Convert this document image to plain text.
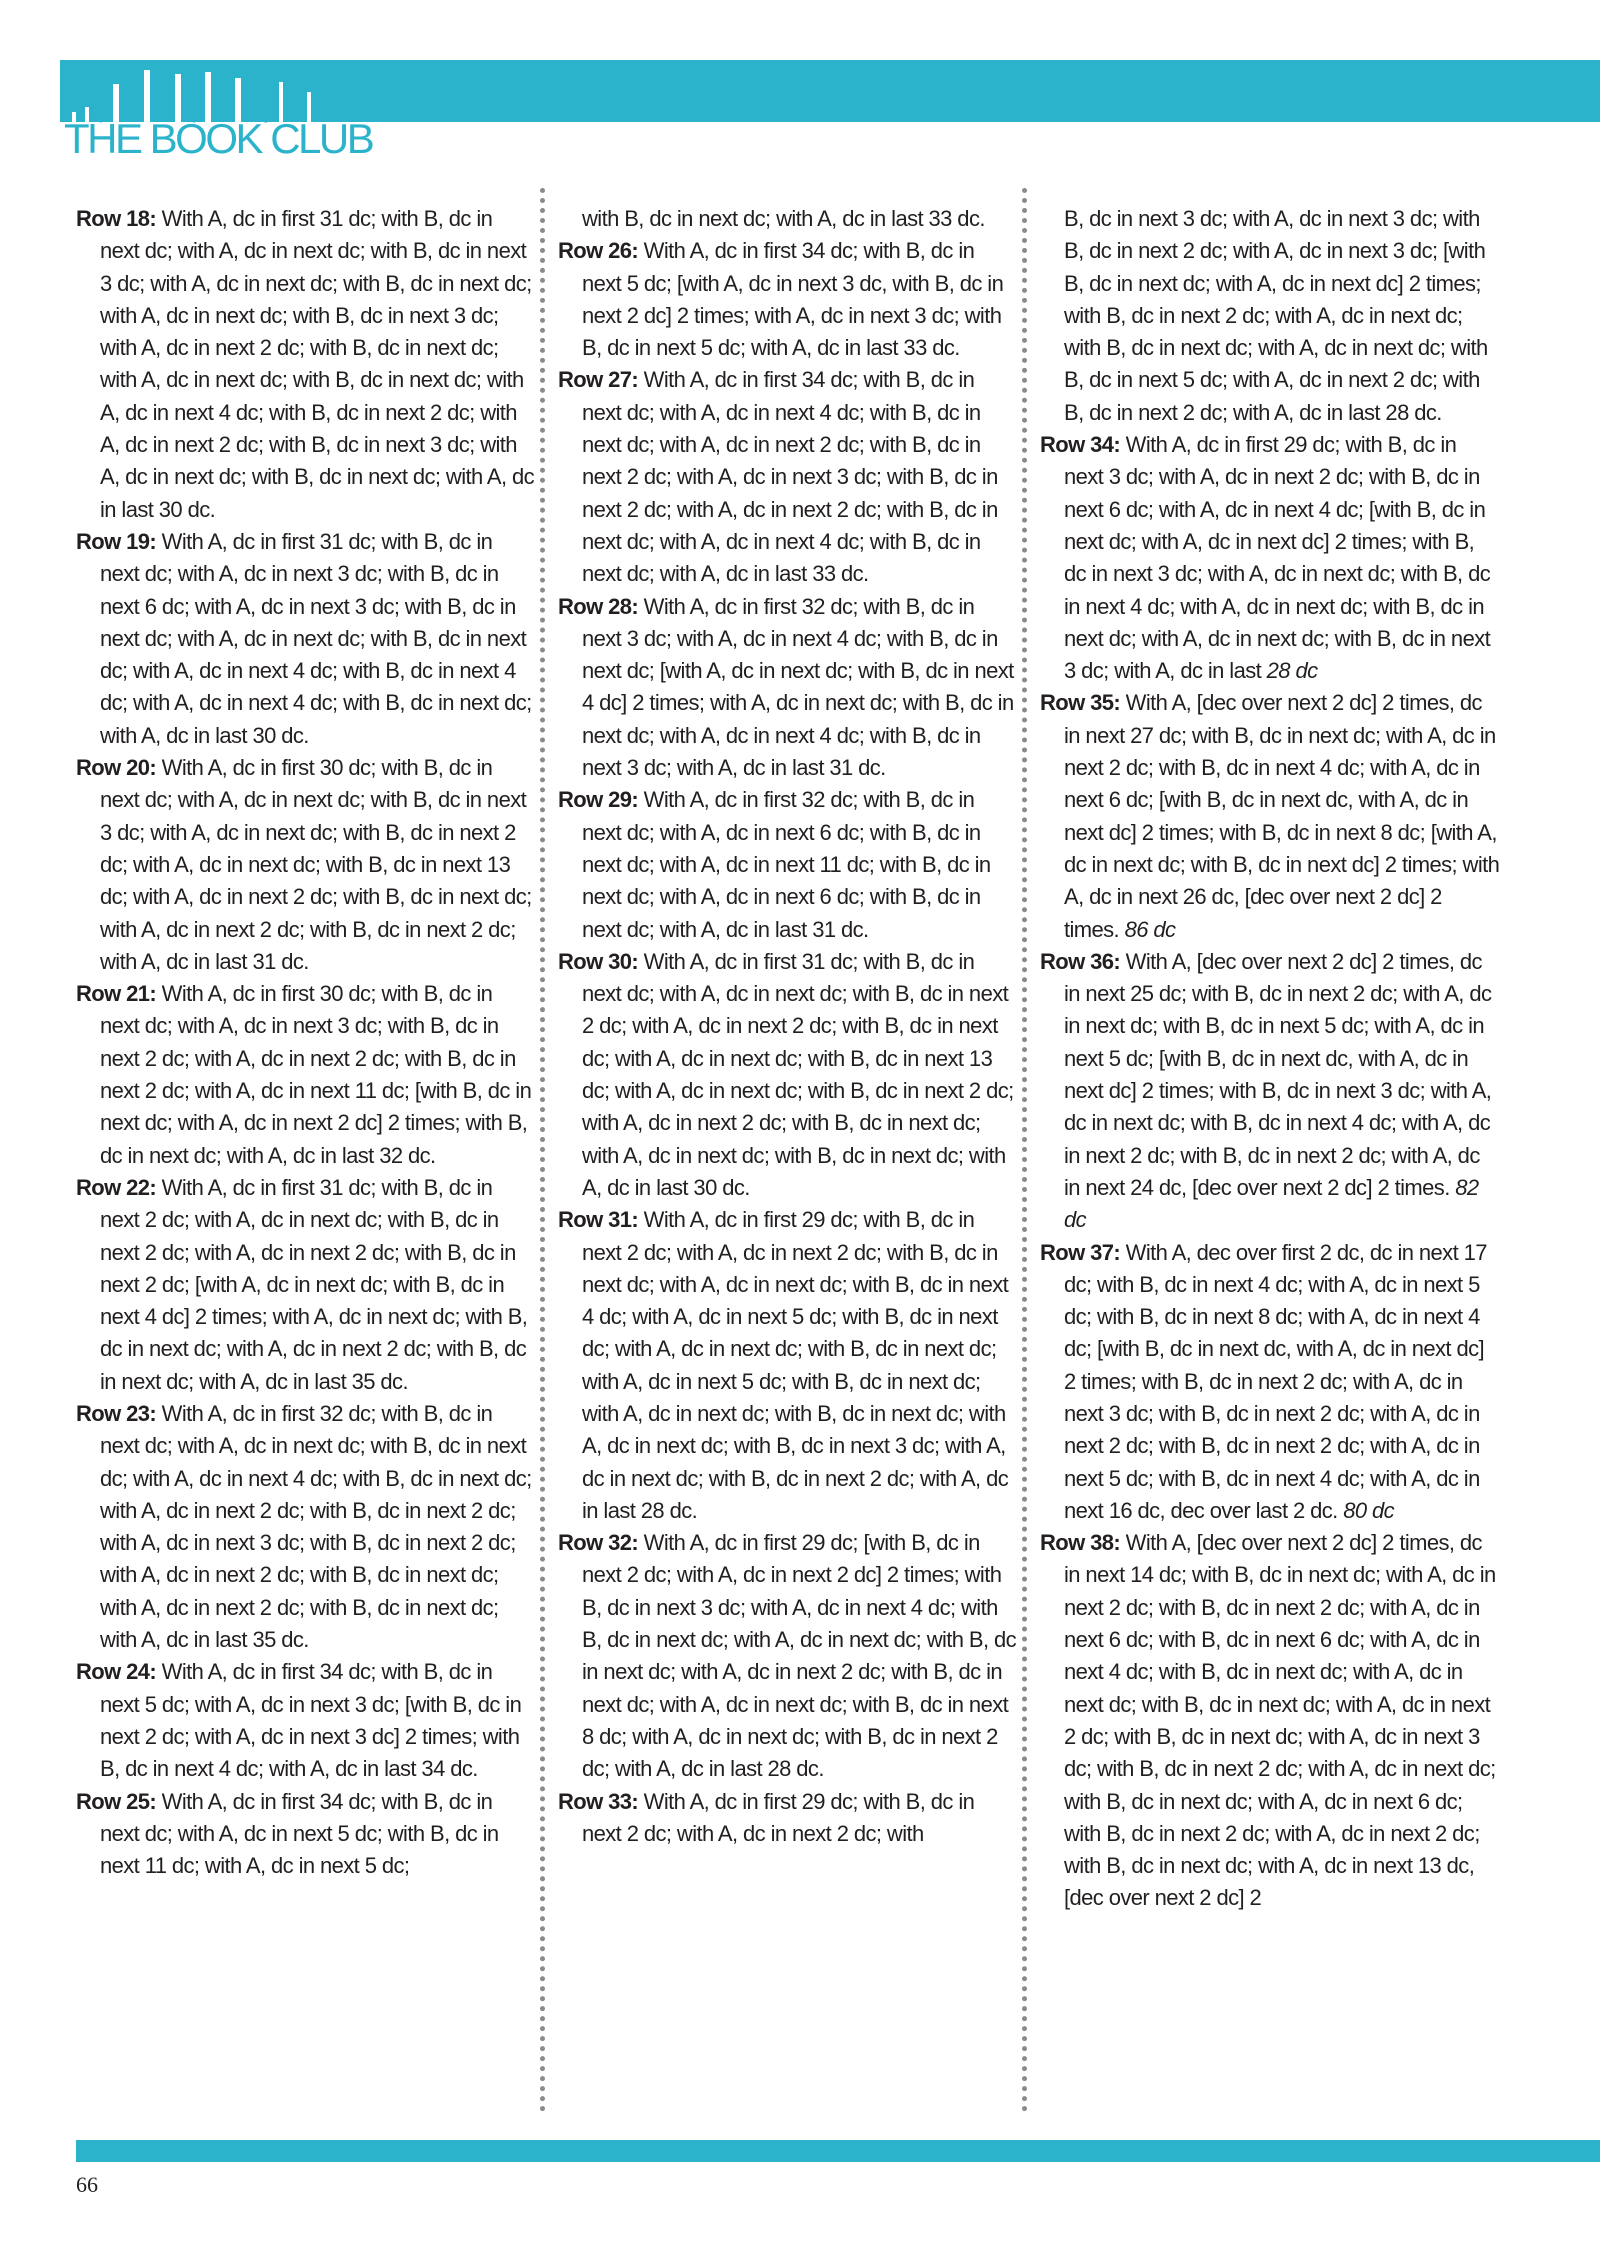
THE BOOK CLUB
Row 18: With A, dc in first 31 dc; with B, dc in next dc; with A, dc in next dc; with B, dc in next 3 dc; with A, dc in next dc; with B, dc in next dc; with A, dc in next dc; with B, dc in next 3 dc; with A, dc in next 2 dc; with B, dc in next dc; with A, dc in next dc; with B, dc in next dc; with A, dc in next 4 dc; with B, dc in next 2 dc; with A, dc in next 2 dc; with B, dc in next 3 dc; with A, dc in next dc; with B, dc in next dc; with A, dc in last 30 dc.
Row 19: With A, dc in first 31 dc; with B, dc in next dc; with A, dc in next 3 dc; with B, dc in next 6 dc; with A, dc in next 3 dc; with B, dc in next dc; with A, dc in next dc; with B, dc in next dc; with A, dc in next 4 dc; with B, dc in next 4 dc; with A, dc in next 4 dc; with B, dc in next dc; with A, dc in last 30 dc.
Row 20: With A, dc in first 30 dc; with B, dc in next dc; with A, dc in next dc; with B, dc in next 3 dc; with A, dc in next dc; with B, dc in next 2 dc; with A, dc in next dc; with B, dc in next 13 dc; with A, dc in next 2 dc; with B, dc in next dc; with A, dc in next 2 dc; with B, dc in next 2 dc; with A, dc in last 31 dc.
Row 21: With A, dc in first 30 dc; with B, dc in next dc; with A, dc in next 3 dc; with B, dc in next 2 dc; with A, dc in next 2 dc; with B, dc in next 2 dc; with A, dc in next 11 dc; [with B, dc in next dc; with A, dc in next 2 dc] 2 times; with B, dc in next dc; with A, dc in last 32 dc.
Row 22: With A, dc in first 31 dc; with B, dc in next 2 dc; with A, dc in next dc; with B, dc in next 2 dc; with A, dc in next 2 dc; with B, dc in next 2 dc; [with A, dc in next dc; with B, dc in next 4 dc] 2 times; with A, dc in next dc; with B, dc in next dc; with A, dc in next 2 dc; with B, dc in next dc; with A, dc in last 35 dc.
Row 23: With A, dc in first 32 dc; with B, dc in next dc; with A, dc in next dc; with B, dc in next dc; with A, dc in next 4 dc; with B, dc in next dc; with A, dc in next 2 dc; with B, dc in next 2 dc; with A, dc in next 3 dc; with B, dc in next 2 dc; with A, dc in next 2 dc; with B, dc in next dc; with A, dc in next 2 dc; with B, dc in next dc; with A, dc in last 35 dc.
Row 24: With A, dc in first 34 dc; with B, dc in next 5 dc; with A, dc in next 3 dc; [with B, dc in next 2 dc; with A, dc in next 3 dc] 2 times; with B, dc in next 4 dc; with A, dc in last 34 dc.
Row 25: With A, dc in first 34 dc; with B, dc in next dc; with A, dc in next 5 dc; with B, dc in next 11 dc; with A, dc in next 5 dc;
with B, dc in next dc; with A, dc in last 33 dc.
Row 26: With A, dc in first 34 dc; with B, dc in next 5 dc; [with A, dc in next 3 dc, with B, dc in next 2 dc] 2 times; with A, dc in next 3 dc; with B, dc in next 5 dc; with A, dc in last 33 dc.
Row 27: With A, dc in first 34 dc; with B, dc in next dc; with A, dc in next 4 dc; with B, dc in next dc; with A, dc in next 2 dc; with B, dc in next 2 dc; with A, dc in next 3 dc; with B, dc in next 2 dc; with A, dc in next 2 dc; with B, dc in next dc; with A, dc in next 4 dc; with B, dc in next dc; with A, dc in last 33 dc.
Row 28: With A, dc in first 32 dc; with B, dc in next 3 dc; with A, dc in next 4 dc; with B, dc in next dc; [with A, dc in next dc; with B, dc in next 4 dc] 2 times; with A, dc in next dc; with B, dc in next dc; with A, dc in next 4 dc; with B, dc in next 3 dc; with A, dc in last 31 dc.
Row 29: With A, dc in first 32 dc; with B, dc in next dc; with A, dc in next 6 dc; with B, dc in next dc; with A, dc in next 11 dc; with B, dc in next dc; with A, dc in next 6 dc; with B, dc in next dc; with A, dc in last 31 dc.
Row 30: With A, dc in first 31 dc; with B, dc in next dc; with A, dc in next dc; with B, dc in next 2 dc; with A, dc in next 2 dc; with B, dc in next dc; with A, dc in next dc; with B, dc in next 13 dc; with A, dc in next dc; with B, dc in next 2 dc; with A, dc in next 2 dc; with B, dc in next dc; with A, dc in next dc; with B, dc in next dc; with A, dc in last 30 dc.
Row 31: With A, dc in first 29 dc; with B, dc in next 2 dc; with A, dc in next 2 dc; with B, dc in next dc; with A, dc in next dc; with B, dc in next 4 dc; with A, dc in next 5 dc; with B, dc in next dc; with A, dc in next dc; with B, dc in next dc; with A, dc in next 5 dc; with B, dc in next dc; with A, dc in next dc; with B, dc in next dc; with A, dc in next dc; with B, dc in next 3 dc; with A, dc in next dc; with B, dc in next 2 dc; with A, dc in last 28 dc.
Row 32: With A, dc in first 29 dc; [with B, dc in next 2 dc; with A, dc in next 2 dc] 2 times; with B, dc in next 3 dc; with A, dc in next 4 dc; with B, dc in next dc; with A, dc in next dc; with B, dc in next dc; with A, dc in next 2 dc; with B, dc in next dc; with A, dc in next dc; with B, dc in next 8 dc; with A, dc in next dc; with B, dc in next 2 dc; with A, dc in last 28 dc.
Row 33: With A, dc in first 29 dc; with B, dc in next 2 dc; with A, dc in next 2 dc; with
B, dc in next 3 dc; with A, dc in next 3 dc; with B, dc in next 2 dc; with A, dc in next 3 dc; [with B, dc in next dc; with A, dc in next dc] 2 times; with B, dc in next 2 dc; with A, dc in next dc; with B, dc in next dc; with A, dc in next dc; with B, dc in next 5 dc; with A, dc in next 2 dc; with B, dc in next 2 dc; with A, dc in last 28 dc.
Row 34: With A, dc in first 29 dc; with B, dc in next 3 dc; with A, dc in next 2 dc; with B, dc in next 6 dc; with A, dc in next 4 dc; [with B, dc in next dc; with A, dc in next dc] 2 times; with B, dc in next 3 dc; with A, dc in next dc; with B, dc in next 4 dc; with A, dc in next dc; with B, dc in next dc; with A, dc in next dc; with B, dc in next 3 dc; with A, dc in last 28 dc
Row 35: With A, [dec over next 2 dc] 2 times, dc in next 27 dc; with B, dc in next dc; with A, dc in next 2 dc; with B, dc in next 4 dc; with A, dc in next 6 dc; [with B, dc in next dc, with A, dc in next dc] 2 times; with B, dc in next 8 dc; [with A, dc in next dc; with B, dc in next dc] 2 times; with A, dc in next 26 dc, [dec over next 2 dc] 2 times. 86 dc
Row 36: With A, [dec over next 2 dc] 2 times, dc in next 25 dc; with B, dc in next 2 dc; with A, dc in next dc; with B, dc in next 5 dc; with A, dc in next 5 dc; [with B, dc in next dc, with A, dc in next dc] 2 times; with B, dc in next 3 dc; with A, dc in next dc; with B, dc in next 4 dc; with A, dc in next 2 dc; with B, dc in next 2 dc; with A, dc in next 24 dc, [dec over next 2 dc] 2 times. 82 dc
Row 37: With A, dec over first 2 dc, dc in next 17 dc; with B, dc in next 4 dc; with A, dc in next 5 dc; with B, dc in next 8 dc; with A, dc in next 4 dc; [with B, dc in next dc, with A, dc in next dc] 2 times; with B, dc in next 2 dc; with A, dc in next 3 dc; with B, dc in next 2 dc; with A, dc in next 2 dc; with B, dc in next 2 dc; with A, dc in next 5 dc; with B, dc in next 4 dc; with A, dc in next 16 dc, dec over last 2 dc. 80 dc
Row 38: With A, [dec over next 2 dc] 2 times, dc in next 14 dc; with B, dc in next dc; with A, dc in next 2 dc; with B, dc in next 2 dc; with A, dc in next 6 dc; with B, dc in next 6 dc; with A, dc in next 4 dc; with B, dc in next dc; with A, dc in next dc; with B, dc in next dc; with A, dc in next 2 dc; with B, dc in next dc; with A, dc in next 3 dc; with B, dc in next 2 dc; with A, dc in next dc; with B, dc in next dc; with A, dc in next 6 dc; with B, dc in next 2 dc; with A, dc in next 2 dc; with B, dc in next dc; with A, dc in next 13 dc, [dec over next 2 dc] 2
66
